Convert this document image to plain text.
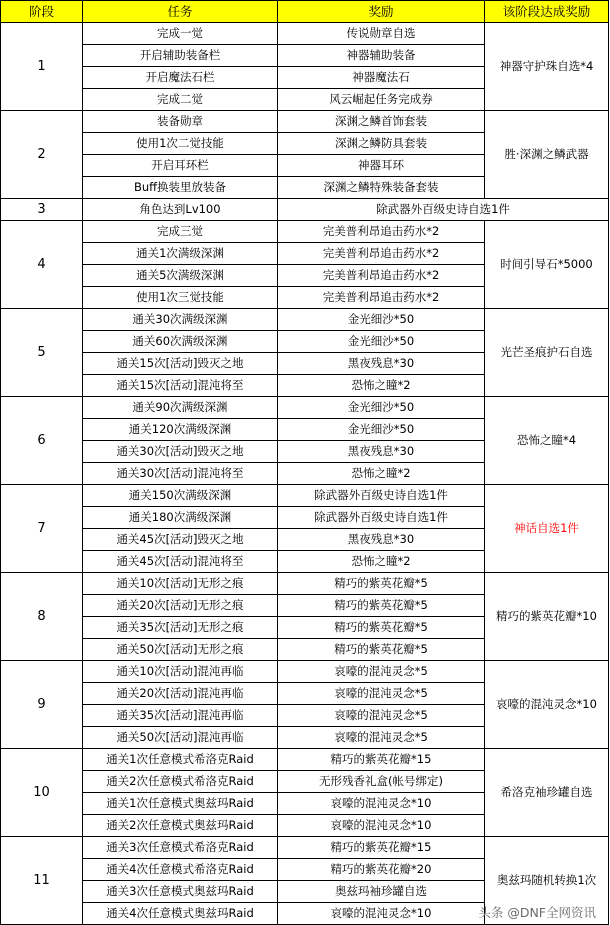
阶段	任务	奖励	该阶段达成奖励
1	完成一觉	传说勋章自选	神器守护珠自选*4
	开启辅助装备栏	神器辅助装备	
	开启魔法石栏	神器魔法石	
	完成二觉	风云崛起任务完成券	
2	装备勋章	深渊之鳞首饰套装	胜·深渊之鳞武器
	使用1次二觉技能	深渊之鳞防具套装	
	开启耳环栏	神器耳环	
	Buff换装里放装备	深渊之鳞特殊装备套装	
3	角色达到Lv100	除武器外百级史诗自选1件	
4	完成三觉	完美普利昂追击药水*2	时间引导石*5000
	通关1次满级深渊	完美普利昂追击药水*2	
	通关5次满级深渊	完美普利昂追击药水*2	
	使用1次三觉技能	完美普利昂追击药水*2	
5	通关30次满级深渊	金光细沙*50	光芒圣痕护石自选
	通关60次满级深渊	金光细沙*50	
	通关15次[活动]毁灭之地	黑夜残息*30	
	通关15次[活动]混沌将至	恐怖之瞳*2	
6	通关90次满级深渊	金光细沙*50	恐怖之瞳*4
	通关120次满级深渊	金光细沙*50	
	通关30次[活动]毁灭之地	黑夜残息*30	
	通关30次[活动]混沌将至	恐怖之瞳*2	
7	通关150次满级深渊	除武器外百级史诗自选1件	神话自选1件
	通关180次满级深渊	除武器外百级史诗自选1件	
	通关45次[活动]毁灭之地	黑夜残息*30	
	通关45次[活动]混沌将至	恐怖之瞳*2	
8	通关10次[活动]无形之痕	精巧的紫英花瓣*5	精巧的紫英花瓣*10
	通关20次[活动]无形之痕	精巧的紫英花瓣*5	
	通关35次[活动]无形之痕	精巧的紫英花瓣*5	
	通关50次[活动]无形之痕	精巧的紫英花瓣*5	
9	通关10次[活动]混沌再临	哀嚎的混沌灵念*5	哀嚎的混沌灵念*10
	通关20次[活动]混沌再临	哀嚎的混沌灵念*5	
	通关35次[活动]混沌再临	哀嚎的混沌灵念*5	
	通关50次[活动]混沌再临	哀嚎的混沌灵念*5	
10	通关1次任意模式希洛克Raid	精巧的紫英花瓣*15	希洛克袖珍罐自选
	通关2次任意模式希洛克Raid	无形残香礼盒(帐号绑定)	
	通关1次任意模式奥兹玛Raid	哀嚎的混沌灵念*10	
	通关2次任意模式奥兹玛Raid	哀嚎的混沌灵念*10	
11	通关3次任意模式希洛克Raid	精巧的紫英花瓣*15	奥兹玛随机转换1次
	通关4次任意模式希洛克Raid	精巧的紫英花瓣*20	
	通关3次任意模式奥兹玛Raid	奥兹玛袖珍罐自选	
	通关4次任意模式奥兹玛Raid	哀嚎的混沌灵念*10		头条 @DNF全网资讯
